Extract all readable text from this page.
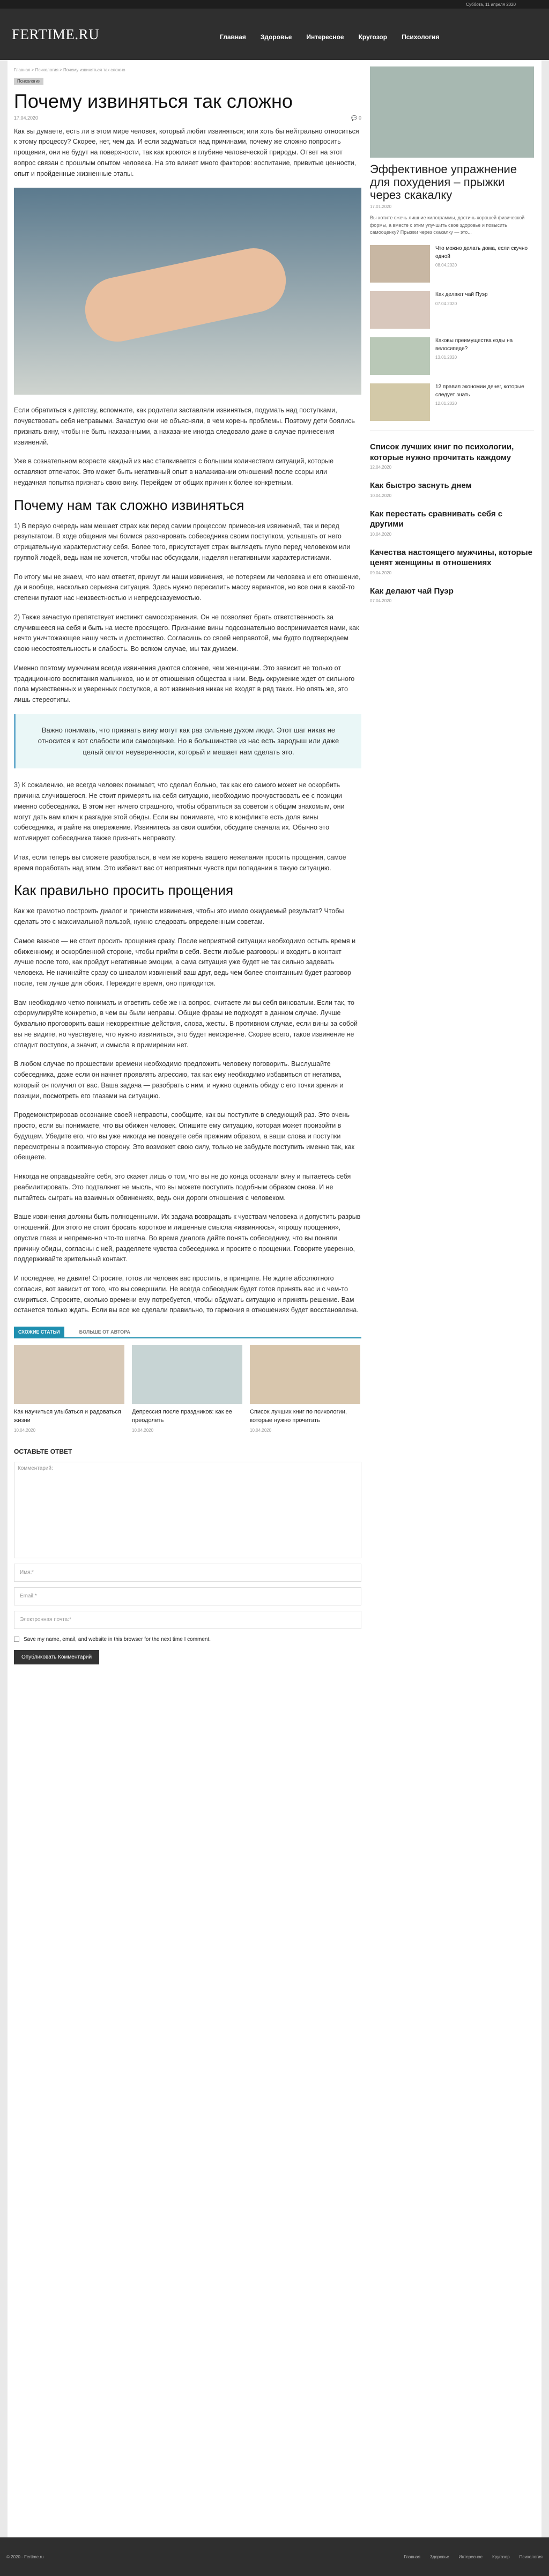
Суббота, 11 апреля 2020
FERTIME.RU	Главная Здоровье Интересное Кругозор Психология
Главная > Психология > Почему извиняться так сложно
Психология
Почему извиняться так сложно
17.04.2020	💬 0

Как вы думаете, есть ли в этом мире человек, который любит извиняться; или хоть бы нейтрально относиться к этому процессу? Скорее, нет, чем да. И если задуматься над причинами, почему же сложно попросить прощения, они не будут на поверхности, так как кроются в глубине человеческой природы. Ответ на этот вопрос связан с прошлым опытом человека. На это влияет много факторов: воспитание, привитые ценности, опыт и пройденные жизненные этапы.

Если обратиться к детству, вспомните, как родители заставляли извиняться, подумать над поступками, почувствовать себя неправыми. Зачастую они не объясняли, в чем корень проблемы. Поэтому дети боялись признать вину, чтобы не быть наказанными, а наказание иногда следовало даже в случае принесения извинений.

Уже в сознательном возрасте каждый из нас сталкивается с большим количеством ситуаций, которые оставляют отпечаток. Это может быть негативный опыт в налаживании отношений после ссоры или неудачная попытка признать свою вину. Перейдем от общих причин к более конкретным.

Почему нам так сложно извиняться

1) В первую очередь нам мешает страх как перед самим процессом принесения извинений, так и перед результатом. В ходе общения мы боимся разочаровать собеседника своим поступком, услышать от него отрицательную характеристику себя. Более того, присутствует страх выглядеть глупо перед человеком или группой людей, ведь нам не хочется, чтобы нас обсуждали, наделяя негативными характеристиками.

По итогу мы не знаем, что нам ответят, примут ли наши извинения, не потеряем ли человека и его отношение, да и вообще, насколько серьезна ситуация. Здесь нужно пересилить массу вариантов, но все они в какой-то степени пугают нас неизвестностью и непредсказуемостью.

2) Также зачастую препятствует инстинкт самосохранения. Он не позволяет брать ответственность за случившееся на себя и быть на месте просящего. Признание вины подсознательно воспринимается нами, как нечто уничтожающее нашу честь и достоинство. Согласишь со своей неправотой, мы будто подтверждаем свою несостоятельность и слабость. Во всяком случае, мы так думаем.

Именно поэтому мужчинам всегда извинения даются сложнее, чем женщинам. Это зависит не только от традиционного воспитания мальчиков, но и от отношения общества к ним. Ведь окружение ждет от сильного пола мужественных и уверенных поступков, а вот извинения никак не входят в ряд таких. Но опять же, это лишь стереотипы.

Важно понимать, что признать вину могут как раз сильные духом люди. Этот шаг никак не относится к вот слабости или самооценке. Но в большинстве из нас есть зародыш или даже целый оплот неуверенности, который и мешает нам сделать это.

3) К сожалению, не всегда человек понимает, что сделал больно, так как его самого может не оскорбить причина случившегося. Не стоит примерять на себя ситуацию, необходимо прочувствовать ее с позиции именно собеседника. В этом нет ничего страшного, чтобы обратиться за советом к общим знакомым, они могут дать вам ключ к разгадке этой обиды. Если вы понимаете, что в конфликте есть доля вины собеседника, играйте на опережение. Извинитесь за свои ошибки, обсудите сначала их. Обычно это мотивирует собеседника также признать неправоту.

Итак, если теперь вы сможете разобраться, в чем же корень вашего нежелания просить прощения, самое время поработать над этим. Это избавит вас от неприятных чувств при попадании в такую ситуацию.

Как правильно просить прощения

Как же грамотно построить диалог и принести извинения, чтобы это имело ожидаемый результат? Чтобы сделать это с максимальной пользой, нужно следовать определенным советам.

Самое важное — не стоит просить прощения сразу. После неприятной ситуации необходимо остыть время и обиженному, и оскорбленной стороне, чтобы прийти в себя. Вести любые разговоры и входить в контакт лучше после того, как пройдут негативные эмоции, а сама ситуация уже будет не так сильно задевать человека. Не начинайте сразу со шквалом извинений ваш друг, ведь чем более спонтанным будет разговор после, тем лучше для обоих. Переждите время, оно пригодится.

Вам необходимо четко понимать и ответить себе же на вопрос, считаете ли вы себя виноватым. Если так, то сформулируйте конкретно, в чем вы были неправы. Общие фразы не подходят в данном случае. Лучше буквально проговорить ваши некорректные действия, слова, жесты. В противном случае, если вины за собой вы не видите, но чувствуете, что нужно извиниться, это будет неискренне. Скорее всего, такое извинение не сгладит поступок, а значит, и смысла в примирении нет.

В любом случае по прошествии времени необходимо предложить человеку поговорить. Выслушайте собеседника, даже если он начнет проявлять агрессию, так как ему необходимо избавиться от негатива, который он получил от вас. Ваша задача — разобрать с ним, и нужно оценить обиду с его точки зрения и позиции, посмотреть его глазами на ситуацию.

Продемонстрировав осознание своей неправоты, сообщите, как вы поступите в следующий раз. Это очень просто, если вы понимаете, что вы обижен человек. Опишите ему ситуацию, которая может произойти в будущем. Убедите его, что вы уже никогда не поведете себя прежним образом, а ваши слова и поступки пересмотрены в позитивную сторону. Это возможет свою силу, только не забудьте поступить именно так, как обещаете.

Никогда не оправдывайте себя, это скажет лишь о том, что вы не до конца осознали вину и пытаетесь себя реабилитировать. Это подталкнет не мысль, что вы можете поступить подобным образом снова. И не пытайтесь сыграть на взаимных обвинениях, ведь они дороги отношения с человеком.

Ваше извинения должны быть полноценными. Их задача возвращать к чувствам человека и допустить разрыв отношений. Для этого не стоит бросать короткое и лишенные смысла «извиняюсь», «прошу прощения», опустив глаза и непременно что-то шепча. Во время диалога дайте понять собеседнику, что вы поняли причину обиды, согласны с ней, разделяете чувства собеседника и просите о прощении. Говорите уверенно, поддерживайте зрительный контакт.

И последнее, не давите! Спросите, готов ли человек вас простить, в принципе. Не ждите абсолютного согласия, вот зависит от того, что вы совершили. Не всегда собеседник будет готов принять вас и с чем-то смириться. Спросите, сколько времени ему потребуется, чтобы обдумать ситуацию и принять решение. Вам останется только ждать. Если вы все же сделали правильно, то гармония в отношениях будет восстановлена.

СХОЖИЕ СТАТЬИ	БОЛЬШЕ ОТ АВТОРА
Как научиться улыбаться и радоваться жизни
10.04.2020
Депрессия после праздников: как ее преодолеть
10.04.2020
Список лучших книг по психологии, которые нужно прочитать
10.04.2020
ОСТАВЬТЕ ОТВЕТ
Комментарий:
Имя:*
Email:*
Электронная почта:*
Save my name, email, and website in this browser for the next time I comment.
Опубликовать Комментарий
Эффективное упражнение для похудения – прыжки через скакалку
17.01.2020
Вы хотите сжечь лишние килограммы, достичь хорошей физической формы, а вместе с этим улучшить свое здоровье и повысить самооценку? Прыжки через скакалку — это...
Что можно делать дома, если скучно одной
08.04.2020
Как делают чай Пуэр
07.04.2020
Каковы преимущества езды на велосипеде?
13.01.2020
12 правил экономии денег, которые следует знать
12.01.2020
Список лучших книг по психологии, которые нужно прочитать каждому
12.04.2020
Как быстро заснуть днем
10.04.2020
Как перестать сравнивать себя с другими
10.04.2020
Качества настоящего мужчины, которые ценят женщины в отношениях
09.04.2020
Как делают чай Пуэр
07.04.2020
© 2020 - Fertime.ru	Главная Здоровье Интересное Кругозор Психология
